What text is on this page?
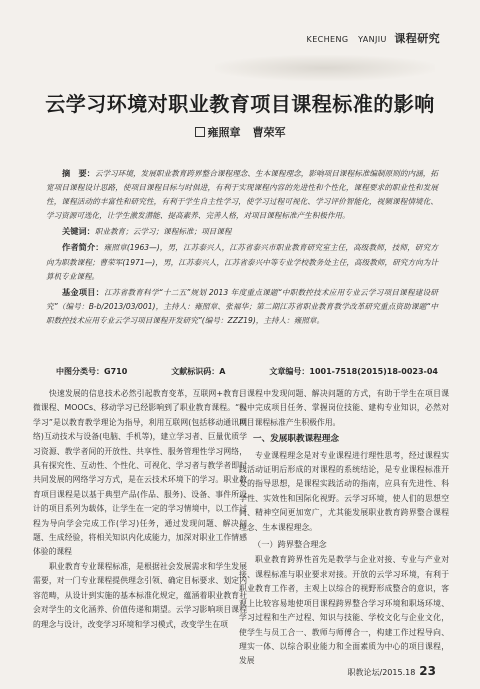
KECHENG YANJIU 课程研究
云学习环境对职业教育项目课程标准的影响
雍照章 曹荣军

摘　要：云学习环境，发展职业教育跨界整合课程理念、生本课程理念，影响项目课程标准编制原则的内涵，拓宽项目课程设计思路，使项目课程目标与时俱进，有利于实现课程内容的先进性和个性化，课程要求的职业性和发展性，课程活动的丰富性和研究性，有利于学生自主性学习，使学习过程可视化、学习评价智能化，视频课程情境化、学习资源可选化，让学生激发潜能、提高素养、完善人格，对项目课程标准产生积极作用。

关键词：职业教育；云学习；课程标准；项目课程

作者简介：雍照章(1963—)，男，江苏泰兴人，江苏省泰兴市职业教育研究室主任，高级教师，技师，研究方向为职教课程；曹荣军(1971—)，男，江苏泰兴人，江苏省泰兴中等专业学校教务处主任，高级教师，研究方向为计算机专业课程。

基金项目：江苏省教育科学“十二五”规划 2013 年度重点课题“中职数控技术应用专业云学习项目课程建设研究”（编号：B-b/2013/03/001)，主持人：雍照章、张福华；第二期江苏省职业教育教学改革研究重点资助课题“中职数控技术应用专业云学习项目课程开发研究”(编号：ZZZ19)，主持人：雍照章。

中图分类号：G710	文献标识码：A	文章编号：1001-7518(2015)18-0023-04

快速发展的信息技术必然引起教育变革，互联网+教育、微课程、MOOCs、移动学习已经影响到了职业教育课程。“云学习”是以教育教学理论为指导，利用互联网(包括移动通讯网络)互动技术与设备(电脑、手机等)，建立学习者、巨量优质学习资源、教学者间的开放性、共享性、服务管理性学习网络，具有探究性、互动性、个性化、可视化、学习者与教学者即时共同发展的网络学习方式，是在云技术环境下的学习。职业教育项目课程是以基于典型产品(作品、服务)、设备、事件所设计的项目系列为载体，让学生在一定的学习情境中，以工作过程为导向学会完成工作(学习)任务，通过发现问题、解决问题、生成经验，将相关知识内化成能力，加深对职业工作情感体验的课程

职业教育专业课程标准，是根据社会发展需求和学生发展需要，对一门专业课程提供理念引领、确定目标要求、划定内容范畴，从设计到实施的基本标准化规定，蕴涵着职业教育社会对学生的文化涵养、价值传递和期望。云学习影响项目课程的理念与设计，改变学习环境和学习模式，改变学生在项

目课程中发现问题、解决问题的方式，有助于学生在项目课程中完成项目任务、掌握岗位技能、建构专业知识，必然对项目课程标准产生积极作用。

一、发展职教课程理念

专业课程理念是对专业课程进行理性思考，经过课程实践活动证明后形成的对课程的系统结论，是专业课程标准开发的指导思想，是课程实践活动的指南，应具有先进性、科学性、实效性和国际化视野。云学习环境，使人们的思想空间、精神空间更加宽广，尤其能发展职业教育跨界整合课程理念、生本课程理念。

（一）跨界整合理念

职业教育跨界性首先是教学与企业对接、专业与产业对接、课程标准与职业要求对接。开放的云学习环境，有利于职业教育工作者，主观上以综合的视野形成整合的意识，客观上比较容易地使项目课程跨界整合学习环境和职场环境、学习过程和生产过程、知识与技能、学校文化与企业文化，使学生与员工合一、教师与师傅合一，构建工作过程导向、理实一体、以综合职业能力和全面素质为中心的项目课程，发展

职教论坛/2015.18 23
